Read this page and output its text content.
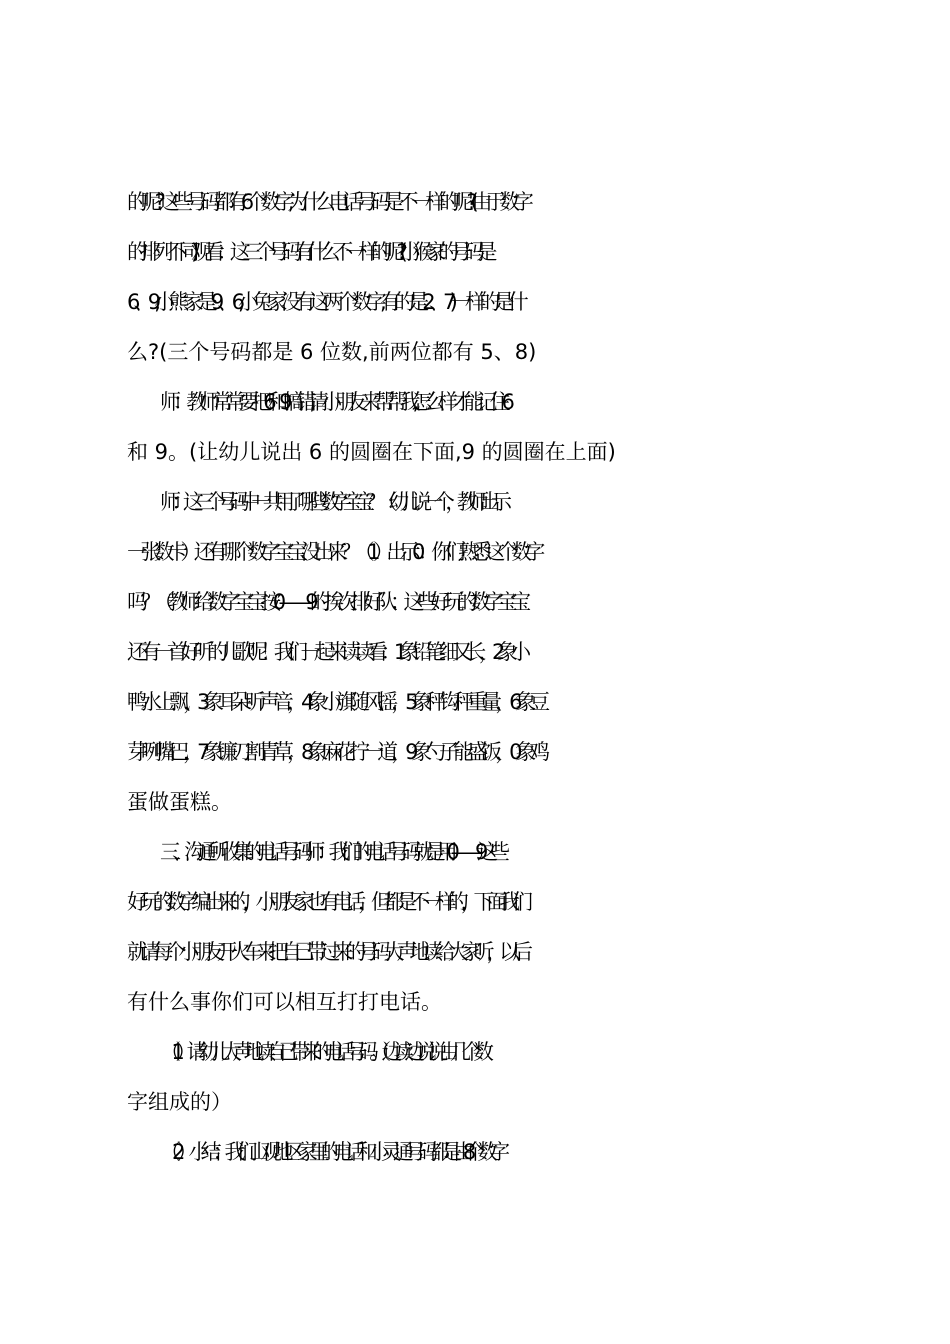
的呢?这些号码都有 6 个数字,为什么电话号码是不一样的呢?(由于数字
的排列不同)观看：这三个号码有什么不一样的呢?(小猴家的号码是
6、9,小熊家是 9、6,小兔家没有这两个数字,有的是 2、7)一样的是什
么?(三个号码都是 6 位数,前两位都有 5、8)
师：教师常常要把 6 和 9 搞错,请小朋友来帮帮我,怎么样才能记住 6
和 9。(让幼儿说出 6 的圆圈在下面,9 的圆圈在上面)
师：这三个号码中一共用了哪些数字宝宝？（幼儿说一个，教师出示
一张数卡）还有哪个数字宝宝没出来？（1）出示 0：你们熟悉这个数字
吗？（教师给数字宝宝按 0——9 的挨次排好队：这些好玩的数字宝宝
还有一首好听的儿歌呢！我们一起来读读看：1 象铅笔细又长，2 象小
鸭水上飘，3 象耳朵听声音，4 象小旗随风摇，5 象秤钩秤重量，6 象豆
芽咧嘴巴，7 象镰刀割青草，8 象麻花拧一道，9 象勺子能盛饭，0 象鸡
蛋做蛋糕。
三、沟通所收集的电话号码师：我们的电话号码就是用 0——9 这些
好玩的数字编出来的，小朋友家也有电话，但都是不一样的，下面我们
就请每个小朋友开火车来把自己带过来的号码大声地读给大家听，以后
有什么事你们可以相互打打电话。
（1）请幼儿大声地读自己带来的电话号码。（边读边说说由几个数
字组成的）
（2）小结：我们山观地区家里的电话和小灵通号码都是由 8 个数字
